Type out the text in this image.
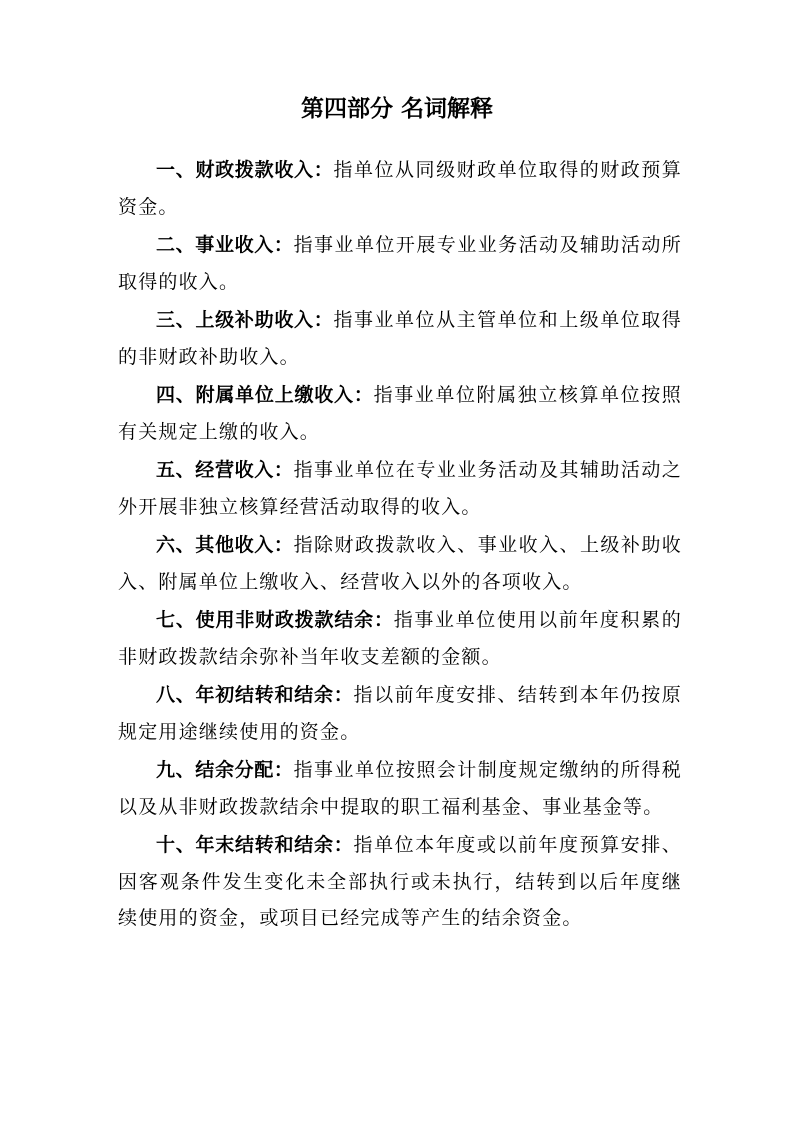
第四部分 名词解释

一、财政拨款收入：指单位从同级财政单位取得的财政预算资金。

二、事业收入：指事业单位开展专业业务活动及辅助活动所取得的收入。

三、上级补助收入：指事业单位从主管单位和上级单位取得的非财政补助收入。

四、附属单位上缴收入：指事业单位附属独立核算单位按照有关规定上缴的收入。

五、经营收入：指事业单位在专业业务活动及其辅助活动之外开展非独立核算经营活动取得的收入。

六、其他收入：指除财政拨款收入、事业收入、上级补助收入、附属单位上缴收入、经营收入以外的各项收入。

七、使用非财政拨款结余：指事业单位使用以前年度积累的非财政拨款结余弥补当年收支差额的金额。

八、年初结转和结余：指以前年度安排、结转到本年仍按原规定用途继续使用的资金。

九、结余分配：指事业单位按照会计制度规定缴纳的所得税以及从非财政拨款结余中提取的职工福利基金、事业基金等。

十、年末结转和结余：指单位本年度或以前年度预算安排、因客观条件发生变化未全部执行或未执行，结转到以后年度继续使用的资金，或项目已经完成等产生的结余资金。
